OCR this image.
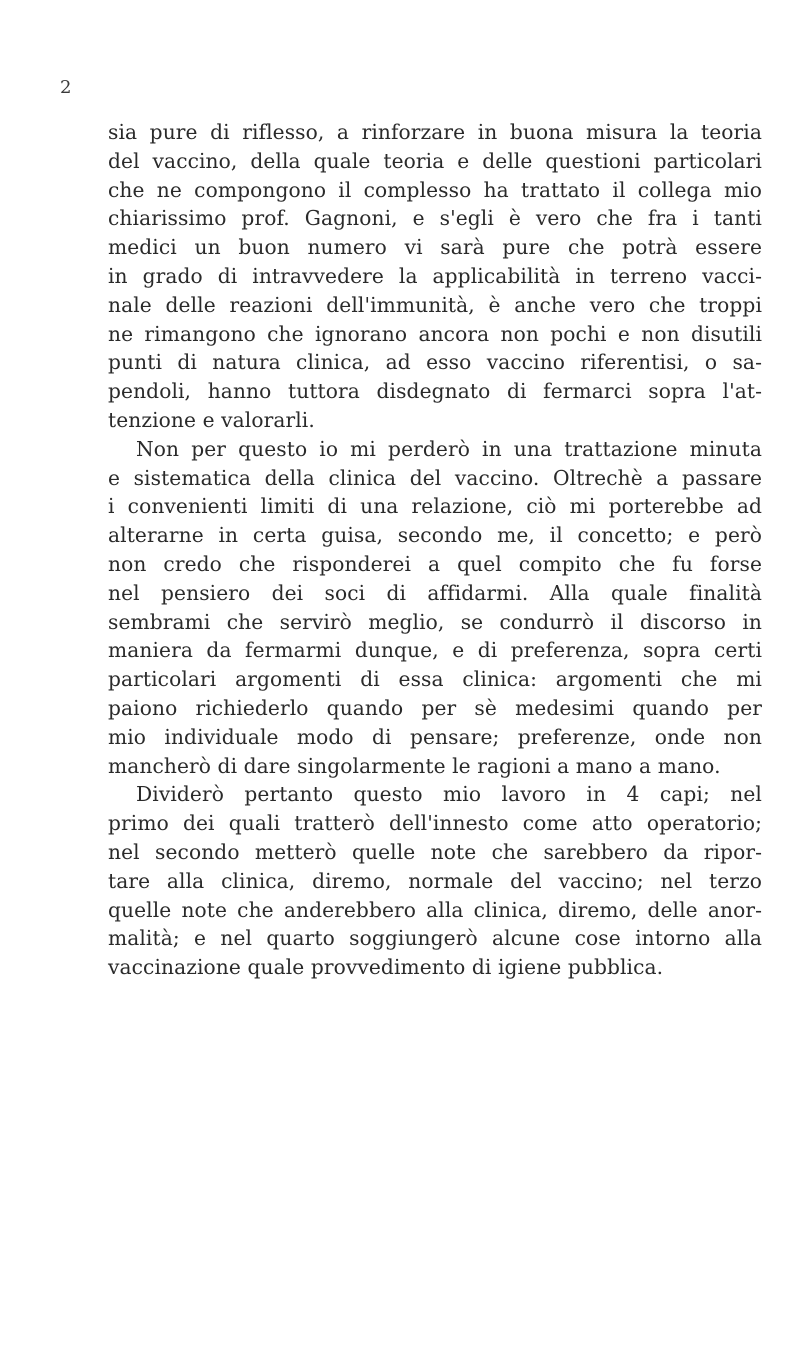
2
sia pure di riflesso, a rinforzare in buona misura la teoria
del vaccino, della quale teoria e delle questioni particolari
che ne compongono il complesso ha trattato il collega mio
chiarissimo prof. Gagnoni, e s'egli è vero che fra i tanti
medici un buon numero vi sarà pure che potrà essere
in grado di intravvedere la applicabilità in terreno vacci-
nale delle reazioni dell'immunità, è anche vero che troppi
ne rimangono che ignorano ancora non pochi e non disutili
punti di natura clinica, ad esso vaccino riferentisi, o sa-
pendoli, hanno tuttora disdegnato di fermarci sopra l'at-
tenzione e valorarli.
Non per questo io mi perderò in una trattazione minuta
e sistematica della clinica del vaccino. Oltrechè a passare
i convenienti limiti di una relazione, ciò mi porterebbe ad
alterarne in certa guisa, secondo me, il concetto; e però
non credo che risponderei a quel compito che fu forse
nel pensiero dei soci di affidarmi. Alla quale finalità
sembrami che servirò meglio, se condurrò il discorso in
maniera da fermarmi dunque, e di preferenza, sopra certi
particolari argomenti di essa clinica: argomenti che mi
paiono richiederlo quando per sè medesimi quando per
mio individuale modo di pensare; preferenze, onde non
mancherò di dare singolarmente le ragioni a mano a mano.
Dividerò pertanto questo mio lavoro in 4 capi; nel
primo dei quali tratterò dell'innesto come atto operatorio;
nel secondo metterò quelle note che sarebbero da ripor-
tare alla clinica, diremo, normale del vaccino; nel terzo
quelle note che anderebbero alla clinica, diremo, delle anor-
malità; e nel quarto soggiungerò alcune cose intorno alla
vaccinazione quale provvedimento di igiene pubblica.
